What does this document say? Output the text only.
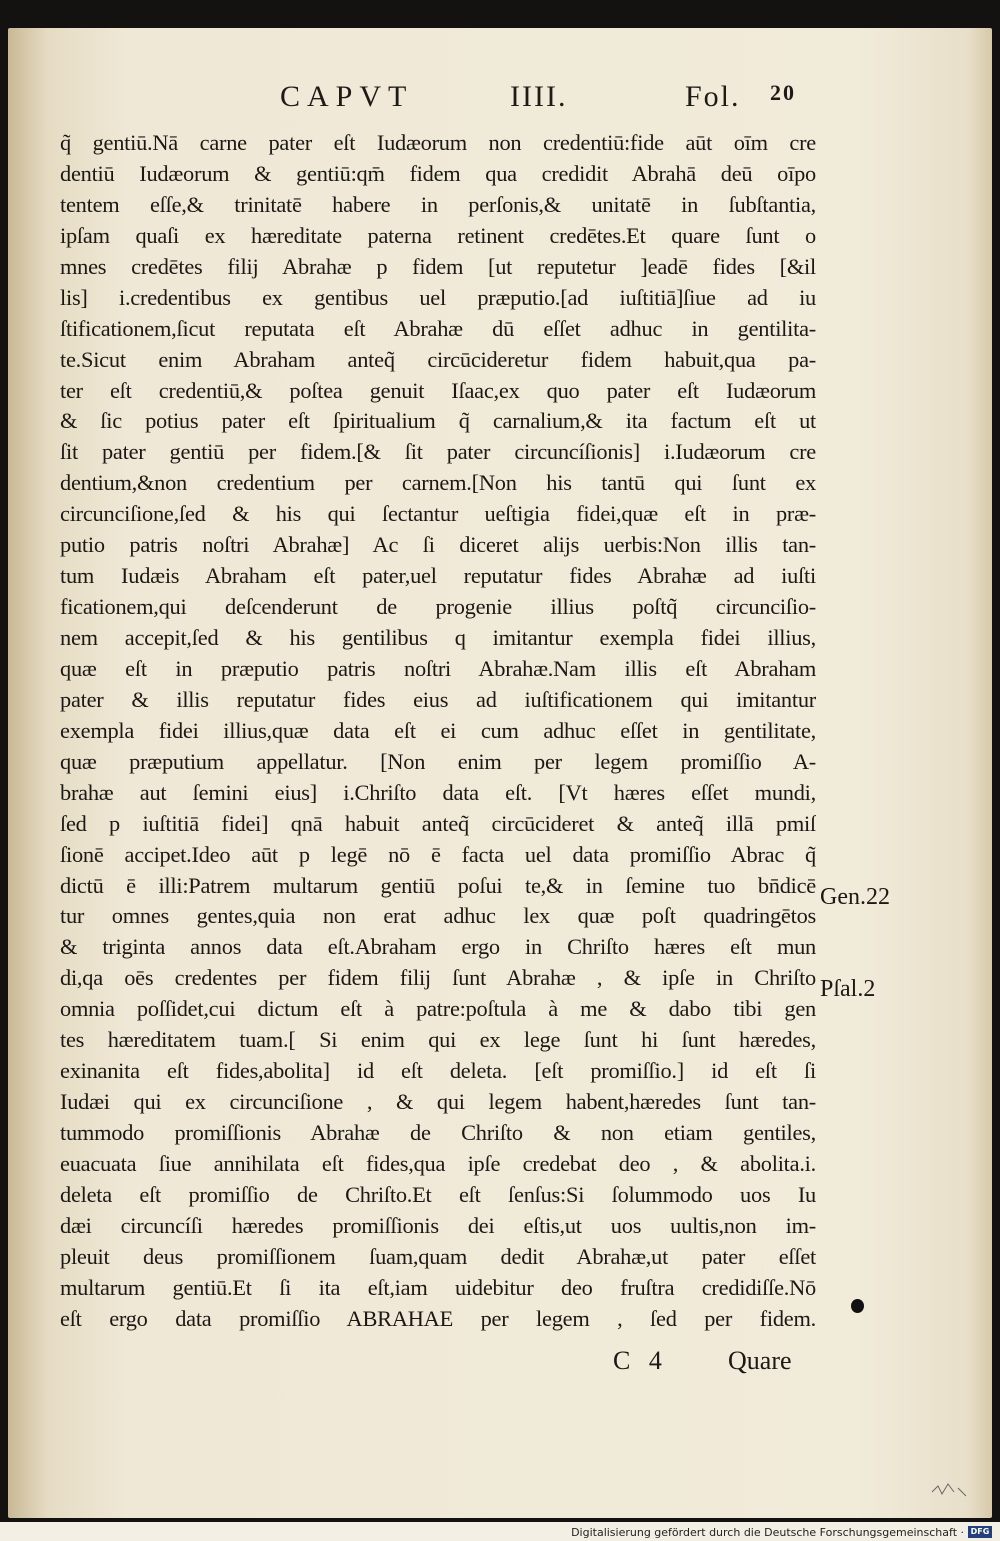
CAPVT	IIII.	Fol. 20
q̃ gentiū.Nā carne pater eſt Iudæorum non credentiū:fide aūt oīm cre
dentiū Iudæorum & gentiū:qm̄ fidem qua credidit Abrahā deū oīpo
tentem eſſe,& trinitatē habere in perſonis,& unitatē in ſubſtantia,
ipſam quaſi ex hæreditate paterna retinent credētes.Et quare ſunt o
mnes credētes filij Abrahæ p fidem [ut reputetur ]eadē fides [&il
lis] i.credentibus ex gentibus uel præputio.[ad iuſtitiā]ſiue ad iu
ſtificationem,ſicut reputata eſt Abrahæ dū eſſet adhuc in gentilita-
te.Sicut enim Abraham anteq̃ circūcideretur fidem habuit,qua pa-
ter eſt credentiū,& poſtea genuit Iſaac,ex quo pater eſt Iudæorum
& ſic potius pater eſt ſpiritualium q̃ carnalium,& ita factum eſt ut
ſit pater gentiū per fidem.[& ſit pater circuncíſionis] i.Iudæorum cre
dentium,&non credentium per carnem.[Non his tantū qui ſunt ex
circunciſione,ſed & his qui ſectantur ueſtigia fidei,quæ eſt in præ-
putio patris noſtri Abrahæ] Ac ſi diceret alijs uerbis:Non illis tan-
tum Iudæis Abraham eſt pater,uel reputatur fides Abrahæ ad iuſti
ficationem,qui deſcenderunt de progenie illius poſtq̃ circunciſio-
nem accepit,ſed & his gentilibus q imitantur exempla fidei illius,
quæ eſt in præputio patris noſtri Abrahæ.Nam illis eſt Abraham
pater & illis reputatur fides eius ad iuſtificationem qui imitantur
exempla fidei illius,quæ data eſt ei cum adhuc eſſet in gentilitate,
quæ præputium appellatur. [Non enim per legem promiſſio A-
brahæ aut ſemini eius] i.Chriſto data eſt. [Vt hæres eſſet mundi,
ſed p iuſtitiā fidei] qnā habuit anteq̃ circūcideret & anteq̃ illā pmiſ
ſionē accipet.Ideo aūt p legē nō ē facta uel data promiſſio Abrac q̃
dictū ē illi:Patrem multarum gentiū poſui te,& in ſemine tuo bn̄dicē
tur omnes gentes,quia non erat adhuc lex quæ poſt quadringētos
& triginta annos data eſt.Abraham ergo in Chriſto hæres eſt mun
di,qa oēs credentes per fidem filij ſunt Abrahæ , & ipſe in Chriſto
omnia poſſidet,cui dictum eſt à patre:poſtula à me & dabo tibi gen
tes hæreditatem tuam.[ Si enim qui ex lege ſunt hi ſunt hæredes,
exinanita eſt fides,abolita] id eſt deleta. [eſt promiſſio.] id eſt ſi
Iudæi qui ex circunciſione , & qui legem habent,hæredes ſunt tan-
tummodo promiſſionis Abrahæ de Chriſto & non etiam gentiles,
euacuata ſiue annihilata eſt fides,qua ipſe credebat deo , & abolita.i.
deleta eſt promiſſio de Chriſto.Et eſt ſenſus:Si ſolummodo uos Iu
dæi circuncíſi hæredes promiſſionis dei eſtis,ut uos uultis,non im-
pleuit deus promiſſionem ſuam,quam dedit Abrahæ,ut pater eſſet
multarum gentiū.Et ſi ita eſt,iam uidebitur deo fruſtra credidiſſe.Nō
eſt ergo data promiſſio ABRAHAE per legem , ſed per fidem.
Gen.22
Pſal.2
C 4 Quare
Digitalisierung gefördert durch die Deutsche Forschungsgemeinschaft · DFG
